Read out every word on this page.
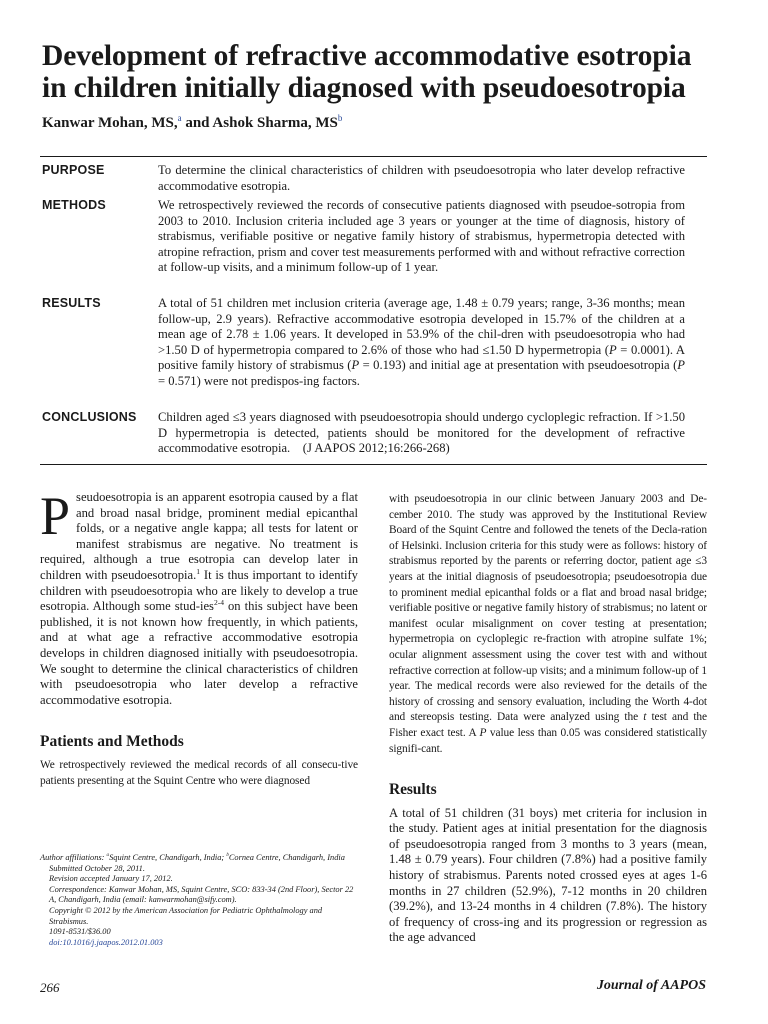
Development of refractive accommodative esotropia
in children initially diagnosed with pseudoesotropia
Kanwar Mohan, MS,$^a$ and Ashok Sharma, $MS^b$
PURPOSE	To determine the clinical characteristics of children with pseudoesotropia who later develop refractive accommodative esotropia.
METHODS	We retrospectively reviewed the records of consecutive patients diagnosed with pseudoe-sotropia from 2003 to 2010. Inclusion criteria included age 3 years or younger at the time of diagnosis, history of strabismus, verifiable positive or negative family history of strabismus, hypermetropia detected with atropine refraction, prism and cover test measurements performed with and without refractive correction at follow-up visits, and a minimum follow-up of 1 year.
RESULTS	A total of 51 children met inclusion criteria (average age, 1.48 ± 0.79 years; range, 3-36 months; mean follow-up, 2.9 years). Refractive accommodative esotropia developed in 15.7% of the children at a mean age of 2.78 ± 1.06 years. It developed in 53.9% of the chil-dren with pseudoesotropia who had >1.50 D of hypermetropia compared to 2.6% of those who had ≤1.50 D hypermetropia (P = 0.0001). A positive family history of strabismus (P = 0.193) and initial age at presentation with pseudoesotropia (P = 0.571) were not predispos-ing factors.
CONCLUSIONS Children aged ≤3 years diagnosed with pseudoesotropia should undergo cycloplegic refraction. If >1.50 D hypermetropia is detected, patients should be monitored for the development of refractive accommodative esotropia. (J AAPOS 2012;16:266-268)

Pseudoesotropia is an apparent esotropia caused by a flat and broad nasal bridge, prominent medial epicanthal folds, or a negative angle kappa; all tests for latent or manifest strabismus are negative. No treatment is required, although a true esotropia can develop later in children with pseudoesotropia.$^1$ It is thus important to identify children with pseudoesotropia who are likely to develop a true esotropia. Although some stud-ies$^{2-4}$ on this subject have been published, it is not known how frequently, in which patients, and at what age a refractive accommodative esotropia develops in children diagnosed initially with pseudoesotropia. We sought to determine the clinical characteristics of children with pseudoesotropia who later develop a refractive accommodative esotropia.

Patients and Methods

We retrospectively reviewed the medical records of all consecu-tive patients presenting at the Squint Centre who were diagnosed

with pseudoesotropia in our clinic between January 2003 and De-cember 2010. The study was approved by the Institutional Review Board of the Squint Centre and followed the tenets of the Decla-ration of Helsinki. Inclusion criteria for this study were as follows: history of strabismus reported by the parents or referring doctor, patient age ≤3 years at the initial diagnosis of pseudoesotropia; pseudoesotropia due to prominent medial epicanthal folds or a flat and broad nasal bridge; verifiable positive or negative family history of strabismus; no latent or manifest ocular misalignment on cover testing at presentation; hypermetropia on cycloplegic re-fraction with atropine sulfate 1%; ocular alignment assessment using the cover test with and without refractive correction at follow-up visits; and a minimum follow-up of 1 year. The medical records were also reviewed for the details of the history of crossing and sensory evaluation, including the Worth 4-dot and stereopsis testing. Data were analyzed using the t test and the Fisher exact test. A P value less than 0.05 was considered statistically signifi-cant.

Results

A total of 51 children (31 boys) met criteria for inclusion in the study. Patient ages at initial presentation for the diagnosis of pseudoesotropia ranged from 3 months to 3 years (mean, 1.48 ± 0.79 years). Four children (7.8%) had a positive family history of strabismus. Parents noted crossed eyes at ages 1-6 months in 27 children (52.9%), 7-12 months in 20 children (39.2%), and 13-24 months in 4 children (7.8%). The history of frequency of cross-ing and its progression or regression as the age advanced

Author affiliations: $^a$Squint Centre, Chandigarh, India; $^b$Cornea Centre, Chandigarh, India

Submitted October 28, 2011.

Revision accepted January 17, 2012.

Correspondence: Kanwar Mohan, MS, Squint Centre, SCO: 833-34 (2nd Floor), Sector 22 A, Chandigarh, India (email: kanwarmohan@sify.com).

Copyright © 2012 by the American Association for Pediatric Ophthalmology and Strabismus.

1091-8531/$36.00

doi:10.1016/j.jaapos.2012.01.003

266	Journal of AAPOS
